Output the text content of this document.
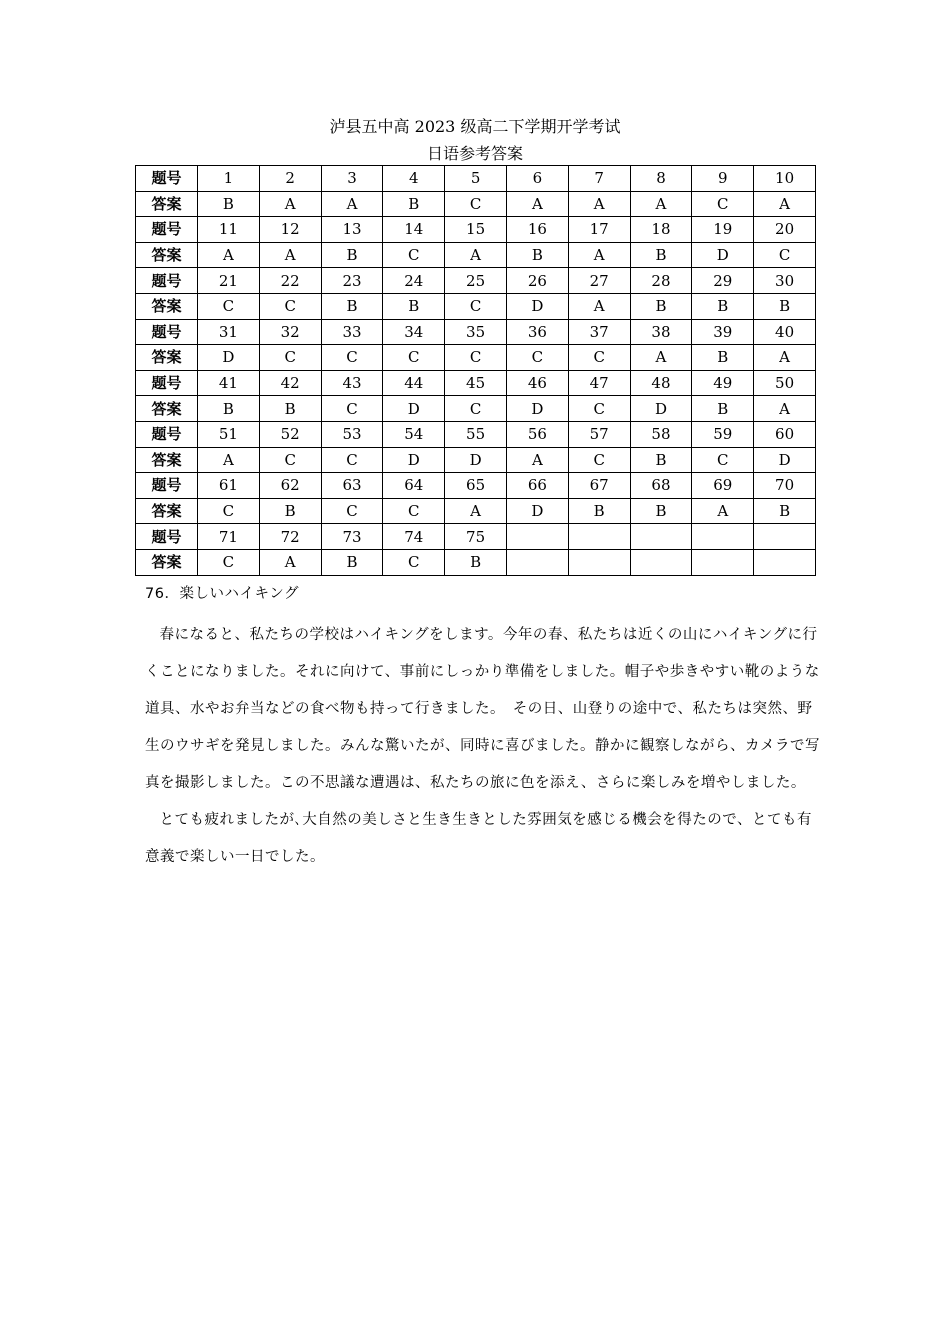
泸县五中高 2023 级高二下学期开学考试
日语参考答案
题号	1	2	3	4	5	6	7	8	9	10
答案	B	A	A	B	C	A	A	A	C	A
题号	11	12	13	14	15	16	17	18	19	20
答案	A	A	B	C	A	B	A	B	D	C
题号	21	22	23	24	25	26	27	28	29	30
答案	C	C	B	B	C	D	A	B	B	B
题号	31	32	33	34	35	36	37	38	39	40
答案	D	C	C	C	C	C	C	A	B	A
题号	41	42	43	44	45	46	47	48	49	50
答案	B	B	C	D	C	D	C	D	B	A
题号	51	52	53	54	55	56	57	58	59	60
答案	A	C	C	D	D	A	C	B	C	D
题号	61	62	63	64	65	66	67	68	69	70
答案	C	B	C	C	A	D	B	B	A	B
题号	71	72	73	74	75					
答案	C	A	B	C	B					

76．楽しいハイキング

春になると、私たちの学校はハイキングをします。今年の春、私たちは近くの山にハイキングに行くことになりました。それに向けて、事前にしっかり準備をしました。帽子や歩きやすい靴のような道具、水やお弁当などの食べ物も持って行きました。　その日、山登りの途中で、私たちは突然、野生のウサギを発見しました。みんな驚いたが、同時に喜びました。静かに観察しながら、カメラで写真を撮影しました。この不思議な遭遇は、私たちの旅に色を添え、さらに楽しみを増やしました。

とても疲れましたが､大自然の美しさと生き生きとした雰囲気を感じる機会を得たので、とても有意義で楽しい一日でした。
